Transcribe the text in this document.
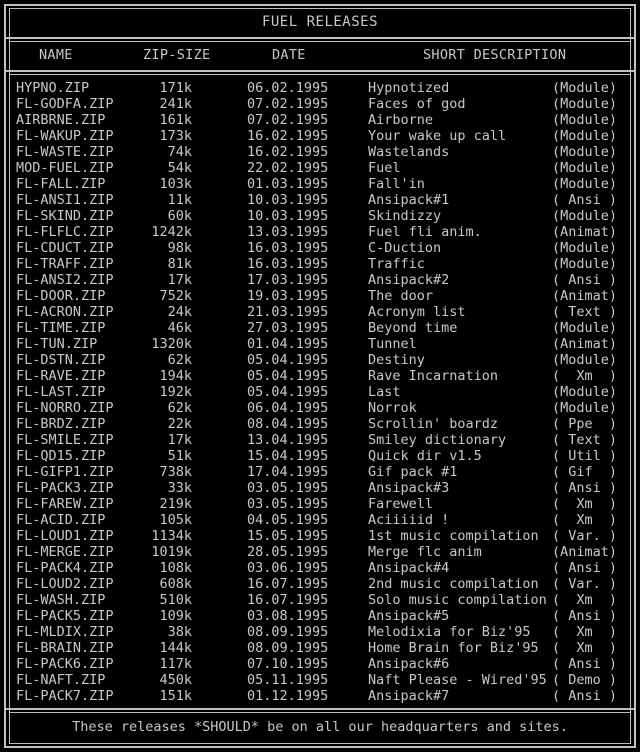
FUEL RELEASES
NAME	ZIP-SIZE	DATE	SHORT DESCRIPTION
HYPNO.ZIP	171k	06.02.1995	Hypnotized	(Module)
FL-GODFA.ZIP	241k	07.02.1995	Faces of god	(Module)
AIRBRNE.ZIP	161k	07.02.1995	Airborne	(Module)
FL-WAKUP.ZIP	173k	16.02.1995	Your wake up call	(Module)
FL-WASTE.ZIP	74k	16.02.1995	Wastelands	(Module)
MOD-FUEL.ZIP	54k	22.02.1995	Fuel	(Module)
FL-FALL.ZIP	103k	01.03.1995	Fall'in	(Module)
FL-ANSI1.ZIP	11k	10.03.1995	Ansipack#1	( Ansi )
FL-SKIND.ZIP	60k	10.03.1995	Skindizzy	(Module)
FL-FLFLC.ZIP	1242k	13.03.1995	Fuel fli anim.	(Animat)
FL-CDUCT.ZIP	98k	16.03.1995	C-Duction	(Module)
FL-TRAFF.ZIP	81k	16.03.1995	Traffic	(Module)
FL-ANSI2.ZIP	17k	17.03.1995	Ansipack#2	( Ansi )
FL-DOOR.ZIP	752k	19.03.1995	The door	(Animat)
FL-ACRON.ZIP	24k	21.03.1995	Acronym list	( Text )
FL-TIME.ZIP	46k	27.03.1995	Beyond time	(Module)
FL-TUN.ZIP	1320k	01.04.1995	Tunnel	(Animat)
FL-DSTN.ZIP	62k	05.04.1995	Destiny	(Module)
FL-RAVE.ZIP	194k	05.04.1995	Rave Incarnation	(  Xm  )
FL-LAST.ZIP	192k	05.04.1995	Last	(Module)
FL-NORRO.ZIP	62k	06.04.1995	Norrok	(Module)
FL-BRDZ.ZIP	22k	08.04.1995	Scrollin' boardz	( Ppe  )
FL-SMILE.ZIP	17k	13.04.1995	Smiley dictionary	( Text )
FL-QD15.ZIP	51k	15.04.1995	Quick dir v1.5	( Util )
FL-GIFP1.ZIP	738k	17.04.1995	Gif pack #1	( Gif  )
FL-PACK3.ZIP	33k	03.05.1995	Ansipack#3	( Ansi )
FL-FAREW.ZIP	219k	03.05.1995	Farewell	(  Xm  )
FL-ACID.ZIP	105k	04.05.1995	Aciiiiid !	(  Xm  )
FL-LOUD1.ZIP	1134k	15.05.1995	1st music compilation ( Var. )
FL-MERGE.ZIP	1019k	28.05.1995	Merge flc anim	(Animat)
FL-PACK4.ZIP	108k	03.06.1995	Ansipack#4	( Ansi )
FL-LOUD2.ZIP	608k	16.07.1995	2nd music compilation ( Var. )
FL-WASH.ZIP	510k	16.07.1995	Solo music compilation (  Xm  )
FL-PACK5.ZIP	109k	03.08.1995	Ansipack#5	( Ansi )
FL-MLDIX.ZIP	38k	08.09.1995	Melodixia for Biz'95 (  Xm  )
FL-BRAIN.ZIP	144k	08.09.1995	Home Brain for Biz'95 (  Xm  )
FL-PACK6.ZIP	117k	07.10.1995	Ansipack#6	( Ansi )
FL-NAFT.ZIP	450k	05.11.1995	Naft Please - Wired'95 ( Demo )
FL-PACK7.ZIP	151k	01.12.1995	Ansipack#7	( Ansi )
These releases *SHOULD* be on all our headquarters and sites.
